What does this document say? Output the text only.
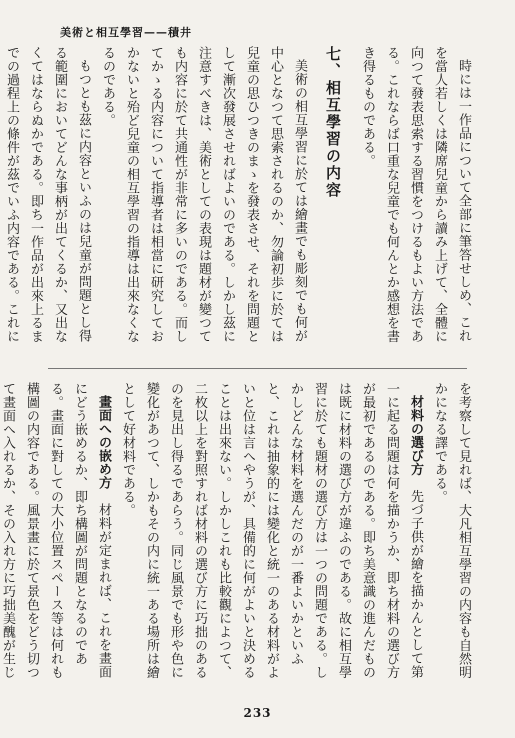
美術と相互學習——積井

時には一作品について全部に筆答せしめ、これを當人若しくは隣席兒童から讀み上げて、全體に向つて發表思索する習慣をつけるもよい方法である。これならば口重な兒童でも何んとか感想を書き得るものである。

七、相互學習の内容

美術の相互學習に於ては繪畫でも彫刻でも何が中心となつて思索されるのか、勿論初歩に於ては兒童の思ひつきのまゝを發表させ、それを問題として漸次發展させればよいのである。しかし茲に注意すべきは、美術としての表現は題材が變つても内容に於て共通性が非常に多いのである。而してかゝる内容について指導者は相當に研究しておかないと殆ど兒童の相互學習の指導は出來なくなるのである。

もつとも茲に内容といふのは兒童が問題とし得る範圍においてどんな事柄が出てくるか、又出なくてはならぬかである。即ち一作品が出來上るまでの過程上の條件が茲でいふ内容である。これに

を考察して見れば、大凡相互學習の内容も自然明かになる譯である。

材料の選び方　先づ子供が繪を描かんとして第一に起る問題は何を描かうか、即ち材料の選び方が最初であるのである。即ち美意識の進んだものは既に材料の選び方が違ふのである。故に相互學習に於ても題材の選び方は一つの問題である。しかしどんな材料を選んだのが一番よいかといふと、これは抽象的には變化と統一のある材料がよいと位は言へやうが、具備的に何がよいと決めることは出來ない。しかしこれも比較觀によつて、二枚以上を對照すれば材料の選び方に巧拙のあるのを見出し得るであらう。同じ風景でも形や色に變化があつて、しかもその内に統一ある場所は繪として好材料である。

畫面への嵌め方　材料が定まれば、これを畫面にどう嵌めるか、即ち構圖が問題となるのである。畫面に對しての大小位置スペース等は何れも構圖の内容である。風景畫に於て景色をどう切つて畫面へ入れるか、その入れ方に巧拙美醜が生じ

233
